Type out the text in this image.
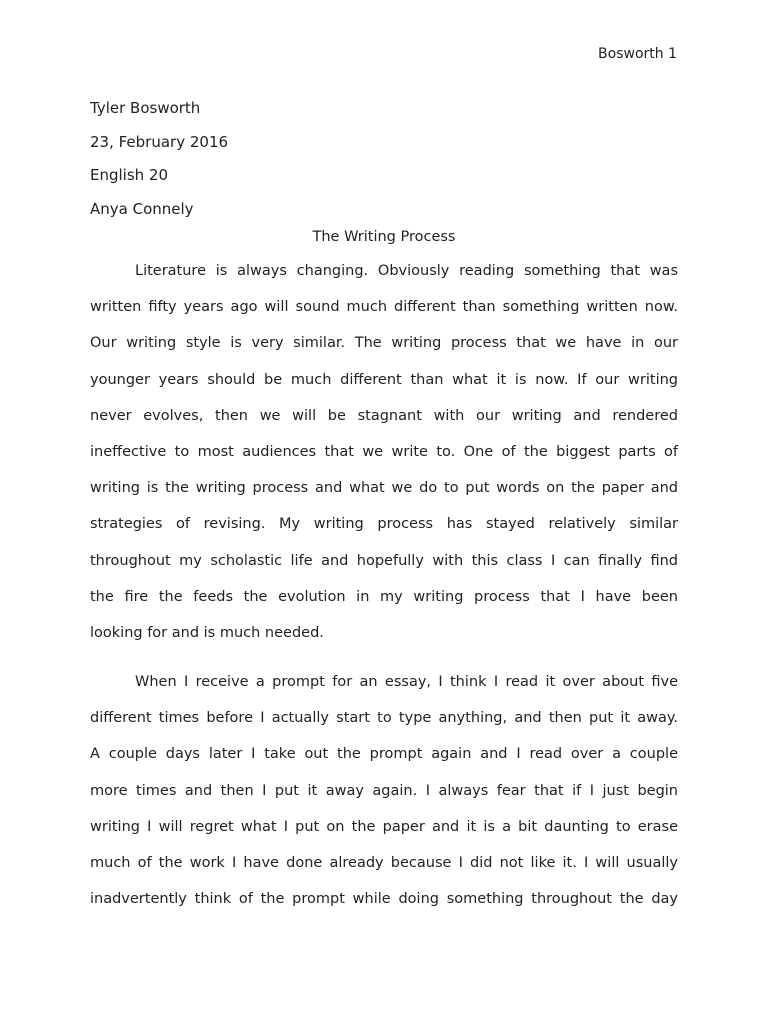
Bosworth 1
Tyler Bosworth
23, February 2016
English 20
Anya Connely
The Writing Process
Literature is always changing. Obviously reading something that was
written fifty years ago will sound much different than something written now.
Our writing style is very similar. The writing process that we have in our
younger years should be much different than what it is now. If our writing
never evolves, then we will be stagnant with our writing and rendered
ineffective to most audiences that we write to. One of the biggest parts of
writing is the writing process and what we do to put words on the paper and
strategies of revising. My writing process has stayed relatively similar
throughout my scholastic life and hopefully with this class I can finally find
the fire the feeds the evolution in my writing process that I have been
looking for and is much needed.
When I receive a prompt for an essay, I think I read it over about five
different times before I actually start to type anything, and then put it away.
A couple days later I take out the prompt again and I read over a couple
more times and then I put it away again. I always fear that if I just begin
writing I will regret what I put on the paper and it is a bit daunting to erase
much of the work I have done already because I did not like it. I will usually
inadvertently think of the prompt while doing something throughout the day
